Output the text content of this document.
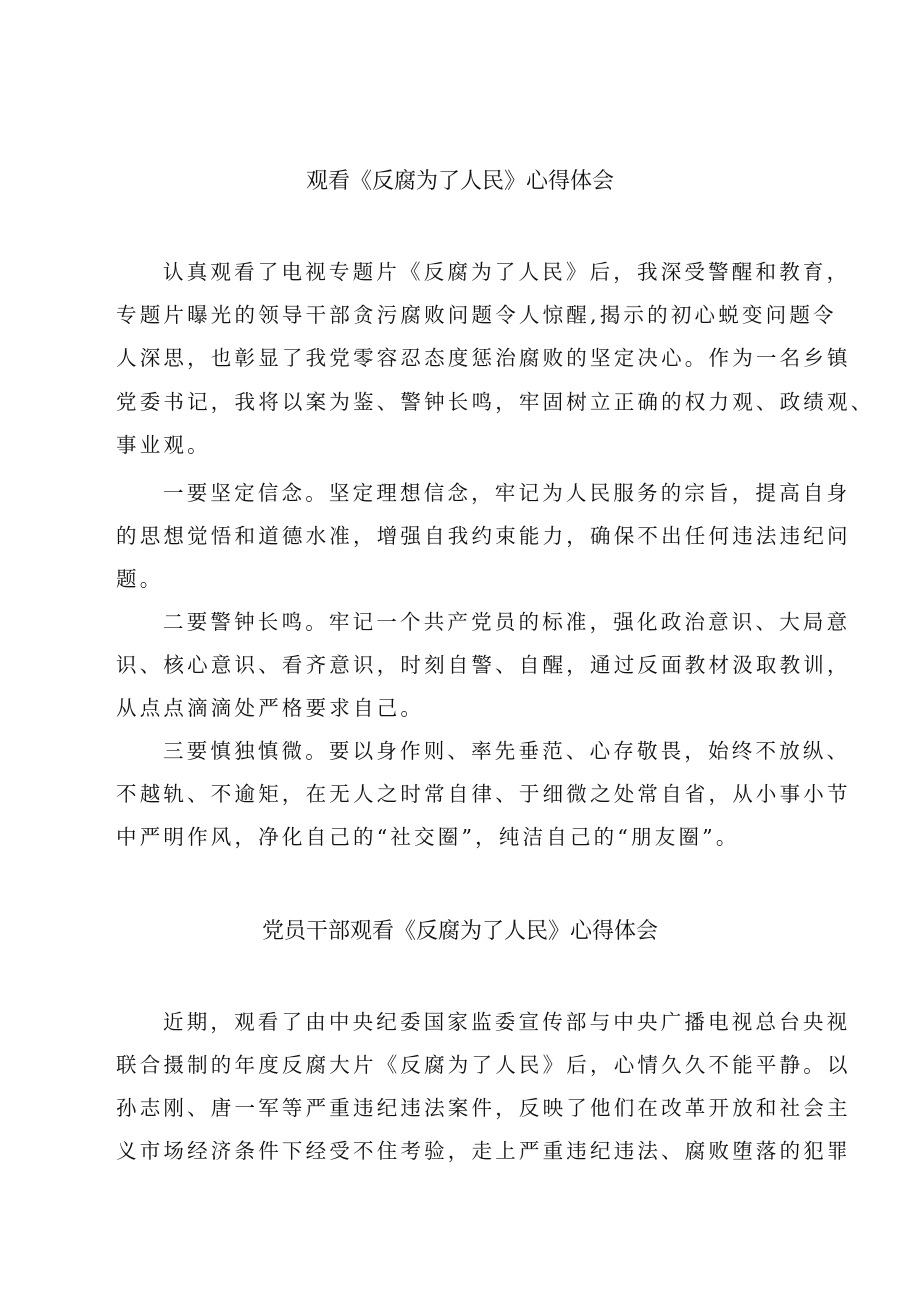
观看《反腐为了人民》心得体会
认真观看了电视专题片《反腐为了人民》后，我深受警醒和教育，
专题片曝光的领导干部贪污腐败问题令人惊醒,揭示的初心蜕变问题令
人深思，也彰显了我党零容忍态度惩治腐败的坚定决心。作为一名乡镇
党委书记，我将以案为鉴、警钟长鸣，牢固树立正确的权力观、政绩观、
事业观。
一要坚定信念。坚定理想信念，牢记为人民服务的宗旨，提高自身
的思想觉悟和道德水准，增强自我约束能力，确保不出任何违法违纪问
题。
二要警钟长鸣。牢记一个共产党员的标准，强化政治意识、大局意
识、核心意识、看齐意识，时刻自警、自醒，通过反面教材汲取教训，
从点点滴滴处严格要求自己。
三要慎独慎微。要以身作则、率先垂范、心存敬畏，始终不放纵、
不越轨、不逾矩，在无人之时常自律、于细微之处常自省，从小事小节
中严明作风，净化自己的“社交圈”，纯洁自己的“朋友圈”。
党员干部观看《反腐为了人民》心得体会
近期，观看了由中央纪委国家监委宣传部与中央广播电视总台央视
联合摄制的年度反腐大片《反腐为了人民》后，心情久久不能平静。以
孙志刚、唐一军等严重违纪违法案件，反映了他们在改革开放和社会主
义市场经济条件下经受不住考验，走上严重违纪违法、腐败堕落的犯罪
